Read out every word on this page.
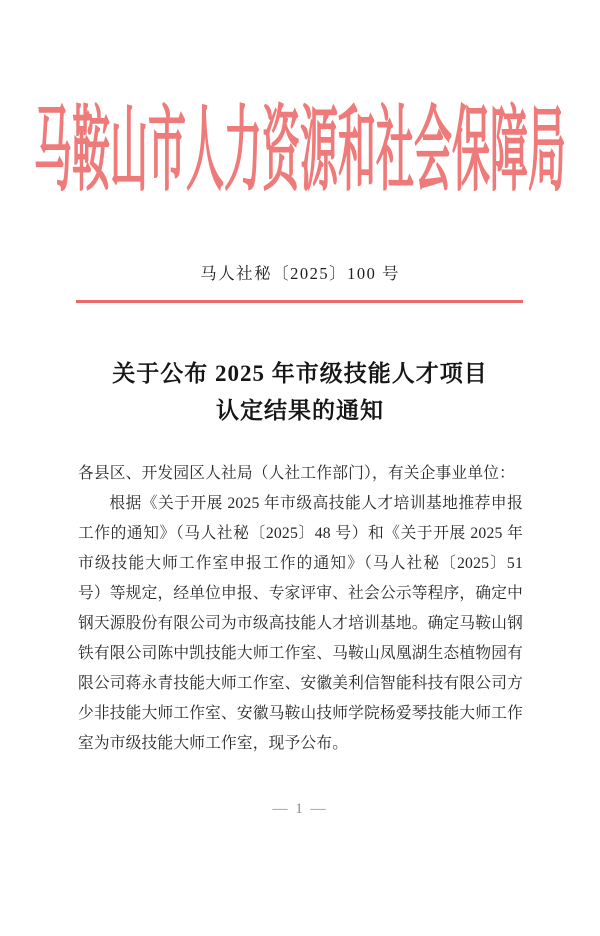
马鞍山市人力资源和社会保障局
马人社秘〔2025〕100 号
关于公布 2025 年市级技能人才项目
认定结果的通知

各县区、开发园区人社局（人社工作部门），有关企事业单位：

根据《关于开展 2025 年市级高技能人才培训基地推荐申报工作的通知》（马人社秘〔2025〕48 号）和《关于开展 2025 年市级技能大师工作室申报工作的通知》（马人社秘〔2025〕51 号）等规定，经单位申报、专家评审、社会公示等程序，确定中钢天源股份有限公司为市级高技能人才培训基地。确定马鞍山钢铁有限公司陈中凯技能大师工作室、马鞍山凤凰湖生态植物园有限公司蒋永青技能大师工作室、安徽美利信智能科技有限公司方少非技能大师工作室、安徽马鞍山技师学院杨爱琴技能大师工作室为市级技能大师工作室，现予公布。

— 1 —
